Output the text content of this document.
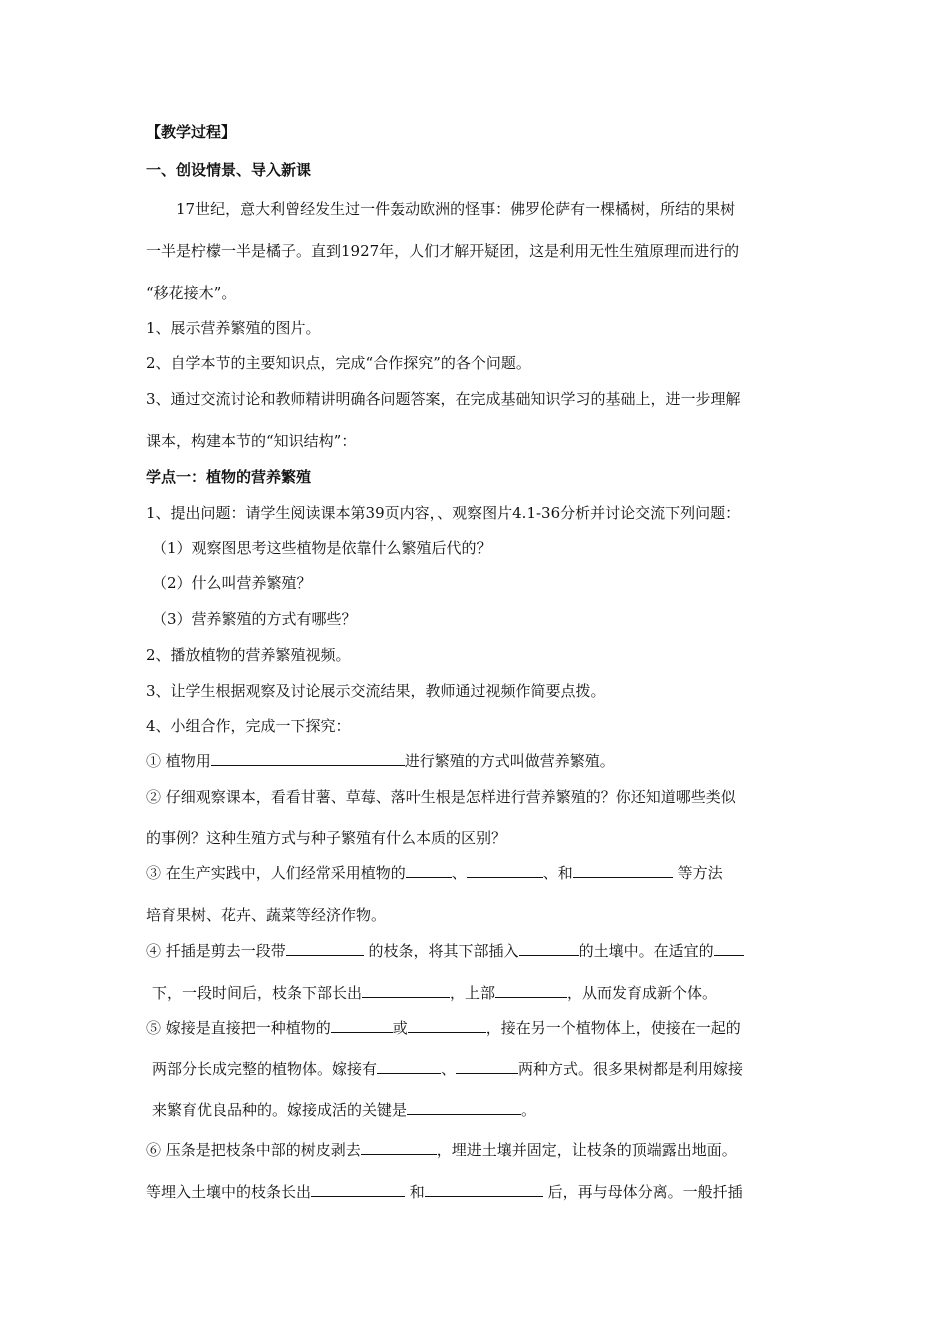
【教学过程】
一、创设情景、导入新课
17世纪，意大利曾经发生过一件轰动欧洲的怪事：佛罗伦萨有一棵橘树，所结的果树
一半是柠檬一半是橘子。直到1927年，人们才解开疑团，这是利用无性生殖原理而进行的
“移花接木”。
1、展示营养繁殖的图片。
2、自学本节的主要知识点，完成“合作探究”的各个问题。
3、通过交流讨论和教师精讲明确各问题答案，在完成基础知识学习的基础上，进一步理解
课本，构建本节的“知识结构”：
学点一：植物的营养繁殖
1、提出问题：请学生阅读课本第39页内容，、观察图片4.1-36分析并讨论交流下列问题：
（1）观察图思考这些植物是依靠什么繁殖后代的？
（2）什么叫营养繁殖？
（3）营养繁殖的方式有哪些？
2、播放植物的营养繁殖视频。
3、让学生根据观察及讨论展示交流结果，教师通过视频作简要点拨。
4、小组合作，完成一下探究：
① 植物用	进行繁殖的方式叫做营养繁殖。
② 仔细观察课本，看看甘薯、草莓、落叶生根是怎样进行营养繁殖的？你还知道哪些类似
的事例？这种生殖方式与种子繁殖有什么本质的区别？
③ 在生产实践中，人们经常采用植物的	、	、和	等方法
培育果树、花卉、蔬菜等经济作物。
④ 扦插是剪去一段带	的枝条，将其下部插入	的土壤中。在适宜的
下，一段时间后，枝条下部长出	，上部	，从而发育成新个体。
⑤ 嫁接是直接把一种植物的	或	，接在另一个植物体上，使接在一起的
两部分长成完整的植物体。嫁接有	、	两种方式。很多果树都是利用嫁接
来繁育优良品种的。嫁接成活的关键是	。
⑥ 压条是把枝条中部的树皮剥去	，埋进土壤并固定，让枝条的顶端露出地面。
等埋入土壤中的枝条长出	和	后，再与母体分离。一般扦插
